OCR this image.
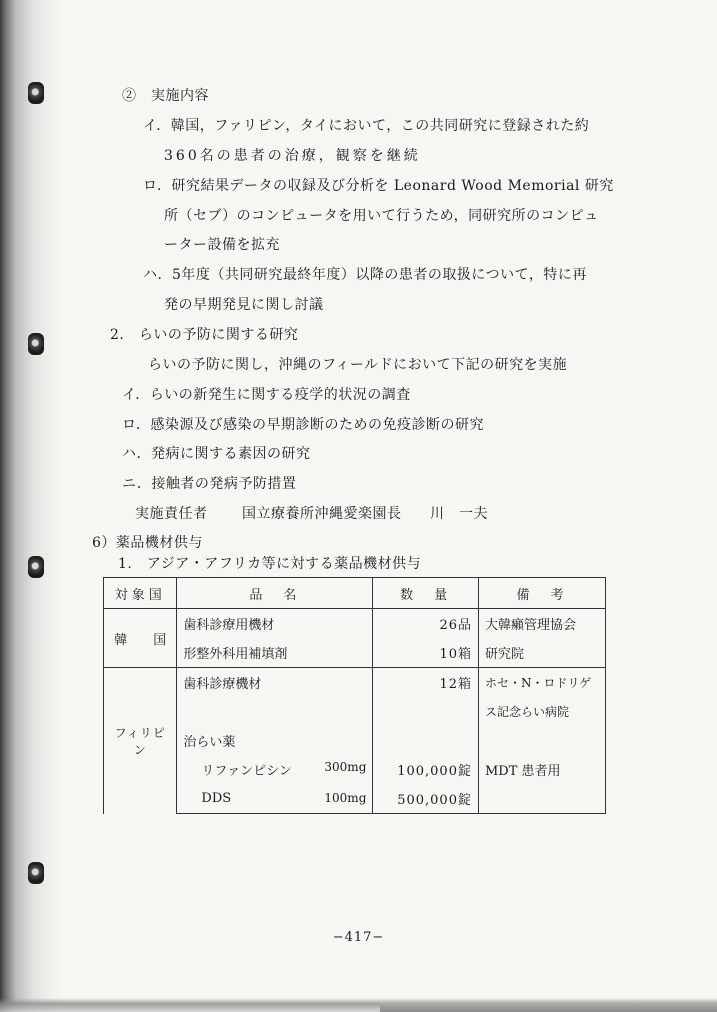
②　実施内容
イ．韓国，ファリピン，タイにおいて，この共同研究に登録された約
360名の患者の治療，観察を継続
ロ．研究結果データの収録及び分析を Leonard Wood Memorial 研究
所（セブ）のコンピュータを用いて行うため，同研究所のコンピュ
ーター設備を拡充
ハ．5年度（共同研究最終年度）以降の患者の取扱について，特に再
発の早期発見に関し討議
2.　らいの予防に関する研究
らいの予防に関し，沖縄のフィールドにおいて下記の研究を実施
イ．らいの新発生に関する疫学的状況の調査
ロ．感染源及び感染の早期診断のための免疫診断の研究
ハ．発病に関する素因の研究
ニ．接触者の発病予防措置
実施責任者 国立療養所沖縄愛楽園長 川　一夫
6）薬品機材供与
1.　アジア・アフリカ等に対する薬品機材供与
対象国	品　名	数　量	備　考
韓　　国	歯科診療用機材	26品	大韓癩管理協会
	形整外科用補填剤	10箱	研究院
フィリピン	歯科診療機材	12箱	ホセ・N・ロドリゲ
			ス記念らい病院
	治らい薬		

	リファンピシン 300mg	100,000錠	MDT 患者用

	DDS 100mg	500,000錠	
−417−
